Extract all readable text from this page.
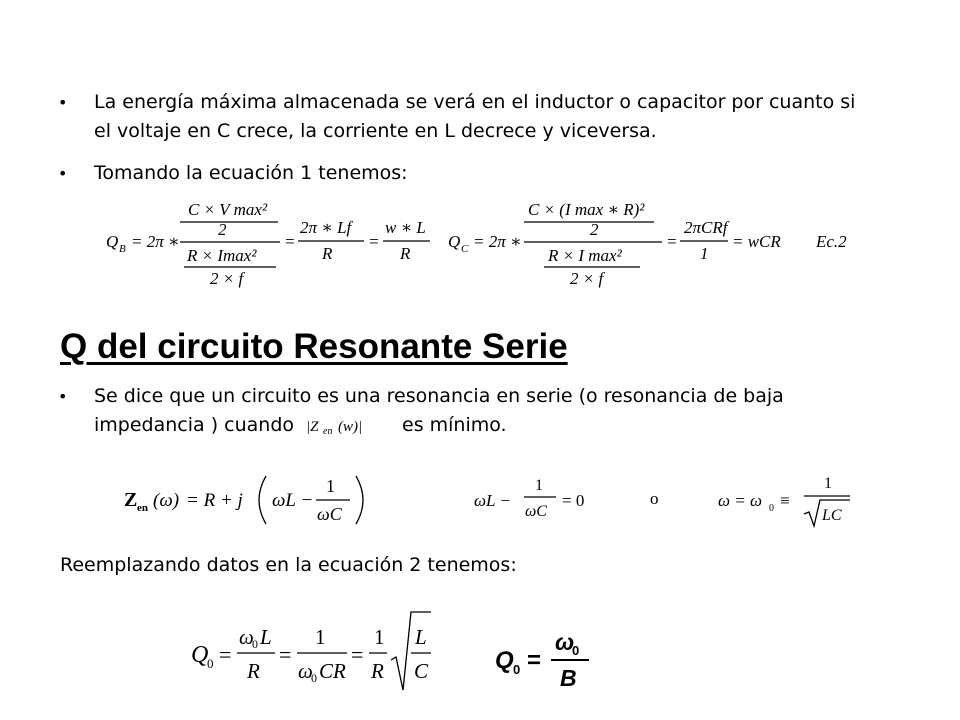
•	La energía máxima almacenada se verá en el inductor o capacitor por cuanto si el voltaje en C crece, la corriente en L decrece y viceversa.

•	Tomando la ecuación 1 tenemos:

Q B = 2π ∗
C × V max²
2
R × Imax²
2 × f
=
2π ∗ Lf
R
=
w ∗ L
R
Q C = 2π ∗
C × (I max ∗ R)²
2
R × I max²
2 × f
=
2πCRf
1
= wCR Ec.2
Q del circuito Resonante Serie
•	Se dice que un circuito es una resonancia en serie (o resonancia de baja impedancia ) cuando |Z en (w)| es mínimo.

Z en (ω) = R + j ωL −
1
ωC
ωL −
1
ωC
= 0	o	ω = ω 0 ≡
1
LC

Reemplazando datos en la ecuación 2 tenemos:

Q
0 =
ω
0 L
R
=
1
ω
0 CR
=
1
R
L
C	Q 0 =
ω
0
B
